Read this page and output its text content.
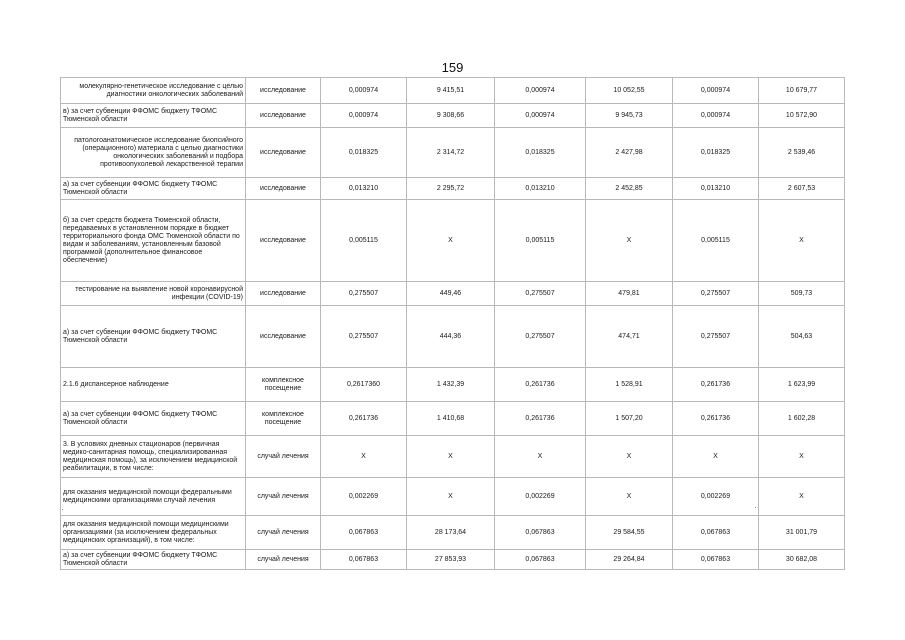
159
молекулярно-генетическое исследование с целью диагностики онкологических заболеваний	исследование	0,000974	9 415,51	0,000974	10 052,55	0,000974	10 679,77
в) за счет субвенции ФФОМС бюджету ТФОМС Тюменской области	исследование	0,000974	9 308,66	0,000974	9 945,73	0,000974	10 572,90
патологоанатомическое исследование биопсийного (операционного) материала с целью диагностики онкологических заболеваний и подбора противоопухолевой лекарственной терапии	исследование	0,018325	2 314,72	0,018325	2 427,98	0,018325	2 539,46
а) за счет субвенции ФФОМС бюджету ТФОМС Тюменской области	исследование	0,013210	2 295,72	0,013210	2 452,85	0,013210	2 607,53
б) за счет средств бюджета Тюменской области, передаваемых в установленном порядке в бюджет территориального фонда ОМС Тюменской области по видам и заболеваниям, установленным базовой программой (дополнительное финансовое обеспечение)	исследование	0,005115	X	0,005115	X	0,005115	X
тестирование на выявление новой коронавирусной инфекции (COVID-19)	исследование	0,275507	449,46	0,275507	479,81	0,275507	509,73
а) за счет субвенции ФФОМС бюджету ТФОМС Тюменской области	исследование	0,275507	444,36	0,275507	474,71	0,275507	504,63
2.1.6 диспансерное наблюдение	комплексное посещение	0,2617360	1 432,39	0,261736	1 528,91	0,261736	1 623,99
а) за счет субвенции ФФОМС бюджету ТФОМС Тюменской области	комплексное посещение	0,261736	1 410,68	0,261736	1 507,20	0,261736	1 602,28
3. В условиях дневных стационаров (первичная медико-санитарная помощь, специализированная медицинская помощь), за исключением медицинской реабилитации, в том числе:	случай лечения	X	X	X	X	X	X
для оказания медицинской помощи федеральными медицинскими организациями случай лечения	случай лечения	0,002269	X	0,002269	X	0,002269	X
для оказания медицинской помощи медицинскими организациями (за исключением федеральных медицинских организаций), в том числе:	случай лечения	0,067863	28 173,64	0,067863	29 584,55	0,067863	31 001,79
а) за счет субвенции ФФОМС бюджету ТФОМС Тюменской области	случай лечения	0,067863	27 853,93	0,067863	29 264,84	0,067863	30 682,08
